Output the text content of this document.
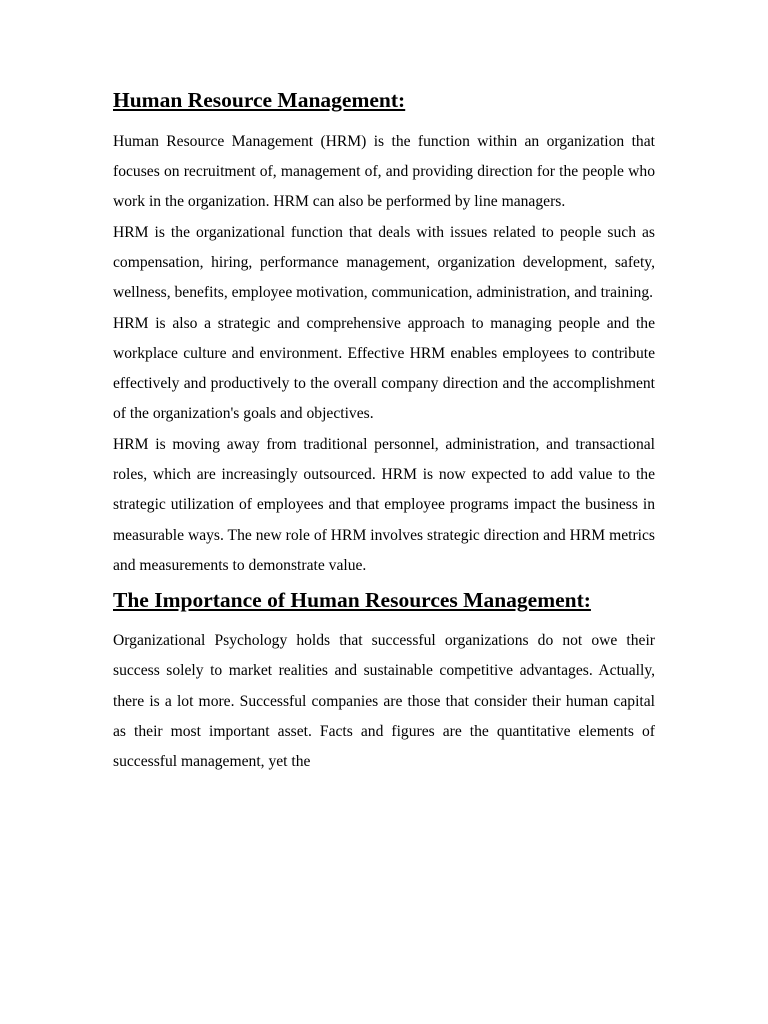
Human Resource Management:

Human Resource Management (HRM) is the function within an organization that focuses on recruitment of, management of, and providing direction for the people who work in the organization. HRM can also be performed by line managers.

HRM is the organizational function that deals with issues related to people such as compensation, hiring, performance management, organization development, safety, wellness, benefits, employee motivation, communication, administration, and training.

HRM is also a strategic and comprehensive approach to managing people and the workplace culture and environment. Effective HRM enables employees to contribute effectively and productively to the overall company direction and the accomplishment of the organization's goals and objectives.

HRM is moving away from traditional personnel, administration, and transactional roles, which are increasingly outsourced. HRM is now expected to add value to the strategic utilization of employees and that employee programs impact the business in measurable ways. The new role of HRM involves strategic direction and HRM metrics and measurements to demonstrate value.

The Importance of Human Resources Management:

Organizational Psychology holds that successful organizations do not owe their success solely to market realities and sustainable competitive advantages. Actually, there is a lot more. Successful companies are those that consider their human capital as their most important asset. Facts and figures are the quantitative elements of successful management, yet the
